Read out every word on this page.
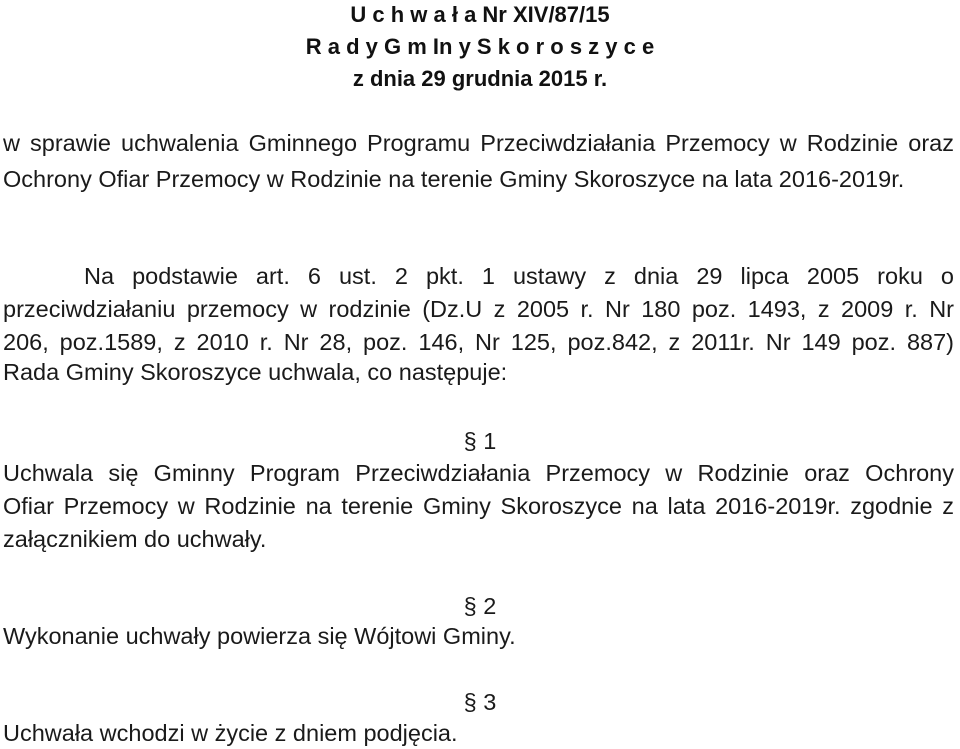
U c h w a ł a Nr XIV/87/15
R a d y G m In y S k o r o s z y c e
z dnia 29 grudnia 2015 r.
w sprawie uchwalenia Gminnego Programu Przeciwdziałania Przemocy w Rodzinie oraz
Ochrony Ofiar Przemocy w Rodzinie na terenie Gminy Skoroszyce na lata 2016-2019r.
Na podstawie art. 6 ust. 2 pkt. 1 ustawy z dnia 29 lipca 2005 roku o
przeciwdziałaniu przemocy w rodzinie (Dz.U z 2005 r. Nr 180 poz. 1493, z 2009 r. Nr
206, poz.1589, z 2010 r. Nr 28, poz. 146, Nr 125, poz.842, z 2011r. Nr 149 poz. 887)
Rada Gminy Skoroszyce uchwala, co następuje:
§ 1
Uchwala się Gminny Program Przeciwdziałania Przemocy w Rodzinie oraz Ochrony
Ofiar Przemocy w Rodzinie na terenie Gminy Skoroszyce na lata 2016-2019r. zgodnie z
załącznikiem do uchwały.
§ 2
Wykonanie uchwały powierza się Wójtowi Gminy.
§ 3
Uchwała wchodzi w życie z dniem podjęcia.
